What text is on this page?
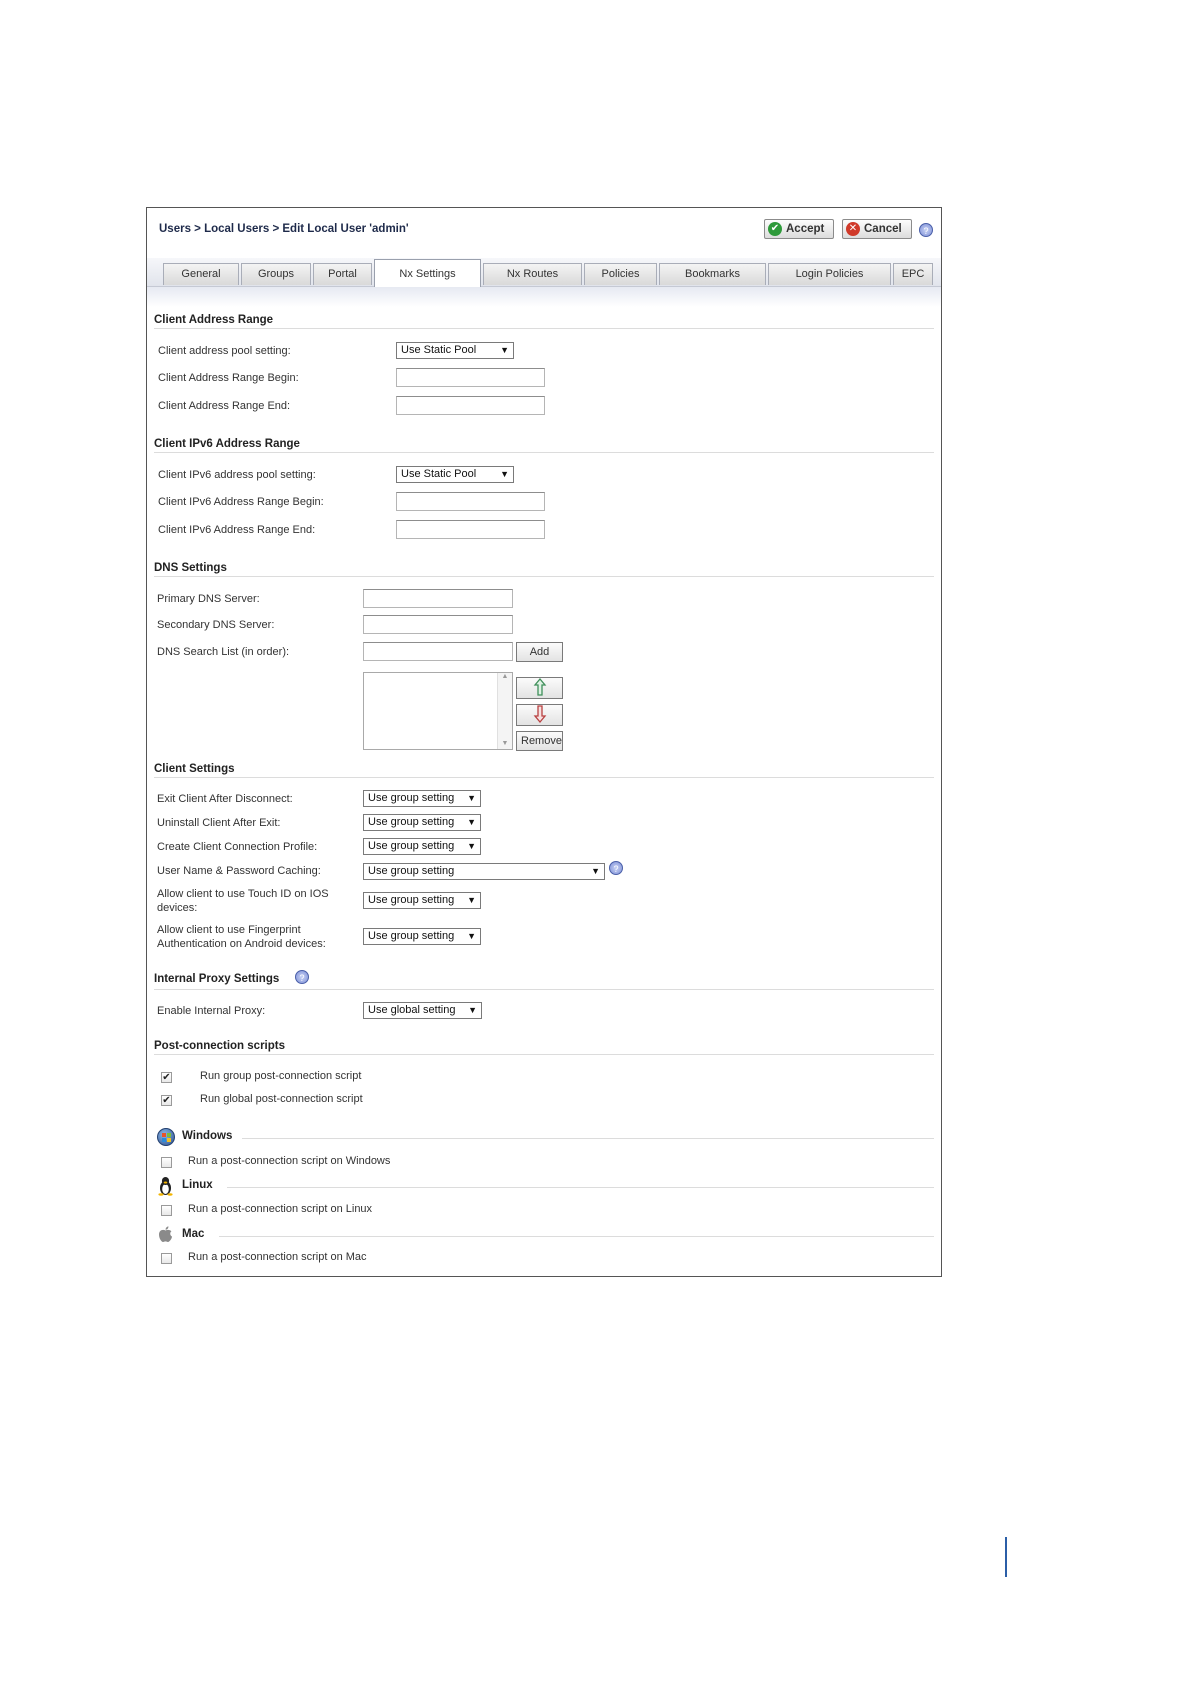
Users > Local Users > Edit Local User 'admin'	✔ Accept ✕ Cancel	?
General	Groups	Portal	Nx Settings	Nx Routes	Policies	Bookmarks	Login Policies	EPC
Client Address Range
Client address pool setting:	Use Static Pool	▼
Client Address Range Begin:
Client Address Range End:
Client IPv6 Address Range
Client IPv6 address pool setting:	Use Static Pool	▼
Client IPv6 Address Range Begin:
Client IPv6 Address Range End:
DNS Settings
Primary DNS Server:
Secondary DNS Server:
DNS Search List (in order):	Add
▲
▼	Remove
Client Settings
Exit Client After Disconnect:	Use group setting ▼
Uninstall Client After Exit:	Use group setting ▼
Create Client Connection Profile:	Use group setting ▼
User Name & Password Caching:	Use group setting	▼	?
Allow client to use Touch ID on IOS
devices:
Use group setting ▼
Allow client to use Fingerprint
Authentication on Android devices:
Use group setting ▼
Internal Proxy Settings	?
Enable Internal Proxy:	Use global setting ▼
Post-connection scripts
✔	Run group post-connection script
✔	Run global post-connection script
Windows
Run a post-connection script on Windows
Linux
Run a post-connection script on Linux
Mac
Run a post-connection script on Mac
